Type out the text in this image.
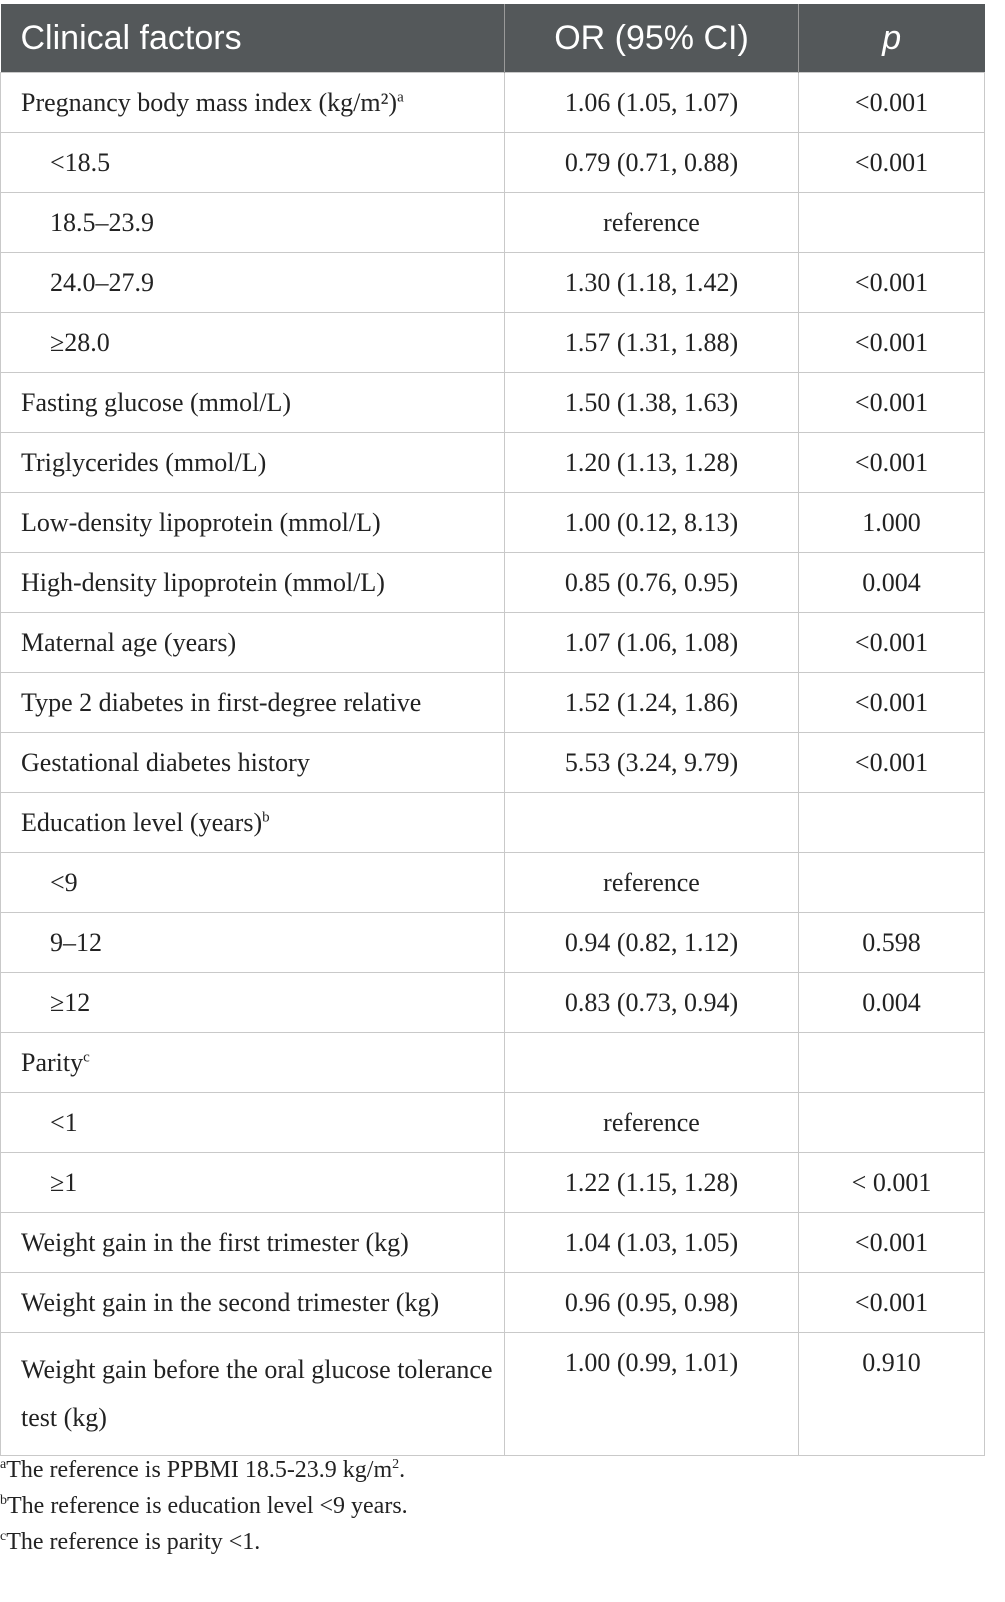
Clinical factors	OR (95% CI)	p
Pregnancy body mass index $(kg/m^2)^a$	1.06 (1.05, 1.07)	<0.001
<18.5	0.79 (0.71, 0.88)	<0.001
18.5–23.9	reference	
24.0–27.9	1.30 (1.18, 1.42)	<0.001
≥28.0	1.57 (1.31, 1.88)	<0.001
Fasting glucose (mmol/L)	1.50 (1.38, 1.63)	<0.001
Triglycerides (mmol/L)	1.20 (1.13, 1.28)	<0.001
Low-density lipoprotein (mmol/L)	1.00 (0.12, 8.13)	1.000
High-density lipoprotein (mmol/L)	0.85 (0.76, 0.95)	0.004
Maternal age (years)	1.07 (1.06, 1.08)	<0.001
Type 2 diabetes in first-degree relative	1.52 (1.24, 1.86)	<0.001
Gestational diabetes history	5.53 (3.24, 9.79)	<0.001
Education level (years)$^b$		
<9	reference	
9–12	0.94 (0.82, 1.12)	0.598
≥12	0.83 (0.73, 0.94)	0.004
Parity$^c$		
<1	reference	
≥1	1.22 (1.15, 1.28)	< 0.001
Weight gain in the first trimester (kg)	1.04 (1.03, 1.05)	<0.001
Weight gain in the second trimester (kg)	0.96 (0.95, 0.98)	<0.001
Weight gain before the oral glucose tolerance test (kg)	1.00 (0.99, 1.01)	0.910
$^a$The reference is PPBMI 18.5-23.9 $kg/m^2$.
$^b$The reference is education level <9 years.
$^c$The reference is parity <1.
